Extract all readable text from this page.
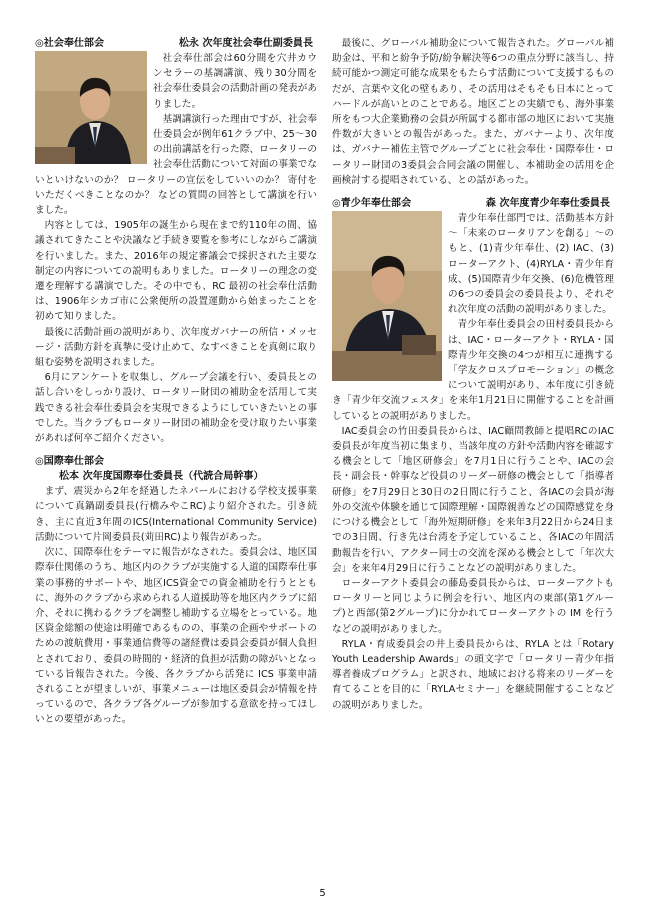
◎社会奉仕部会	松永 次年度社会奉仕副委員長

社会奉仕部会は60分間を穴井カウンセラーの基調講演、残り30分間を社会奉仕委員会の活動計画の発表がありました。

基調講演行った理由ですが、社会奉仕委員会が例年61クラブ中、25～30の出前講話を行った際、ロータリーの社会奉仕活動について対面の事業でないといけないのか？ ロータリーの宣伝をしていいのか？ 寄付をいただくべきことなのか？ などの質問の回答として講演を行いました。

内容としては、1905年の誕生から現在まで約110年の間、協議されてきたことや決議など手続き要覧を参考にしながらご講演を行いました。また、2016年の規定審議会で採択された主要な制定の内容についての説明もありました。ロータリーの理念の変遷を理解する講演でした。その中でも、RC 最初の社会奉仕活動は、1906年シカゴ市に公衆便所の設置運動から始まったことを初めて知りました。

最後に活動計画の説明があり、次年度ガバナーの所信・メッセージ・活動方針を真摯に受け止めて、なすべきことを真剣に取り組む姿勢を説明されました。

6月にアンケートを収集し、グループ会議を行い、委員長との話し合いをしっかり設け、ロータリー財団の補助金を活用して実践できる社会奉仕委員会を実現できるようにしていきたいとの事でした。当クラブもロータリー財団の補助金を受け取りたい事業があれば何卒ご紹介ください。

◎国際奉仕部会
松本 次年度国際奉仕委員長（代読合局幹事）

まず、震災から2年を経過したネパールにおける学校支援事業について真鍋副委員長(行橋みやこRC)より紹介された。引き続き、主に直近3年間のICS(International Community Service)活動について片岡委員長(苅田RC)より報告があった。

次に、国際奉仕をテーマに報告がなされた。委員会は、地区国際奉仕関係のうち、地区内のクラブが実施する人道的国際奉仕事業の事務的サポートや、地区ICS資金での資金補助を行うとともに、海外のクラブから求められる人道援助等を地区内クラブに紹介、それに携わるクラブを調整し補助する立場をとっている。地区資金総額の使途は明確であるものの、事業の企画やサポートのための渡航費用・事業通信費等の諸経費は委員会委員が個人負担とされており、委員の時間的・経済的負担が活動の障がいとなっている旨報告された。今後、各クラブから活発に ICS 事業申請されることが望ましいが、事業メニューは地区委員会が情報を持っているので、各クラブ各グループが参加する意欲を持ってほしいとの要望があった。

最後に、グローバル補助金について報告された。グローバル補助金は、平和と紛争予防/紛争解決等6つの重点分野に該当し、持続可能かつ測定可能な成果をもたらす活動について支援するものだが、言葉や文化の壁もあり、その活用はそもそも日本にとってハードルが高いとのことである。地区ごとの実績でも、海外事業所をもつ大企業勤務の会員が所属する都市部の地区において実施件数が大きいとの報告があった。また、ガバナーより、次年度は、ガバナー補佐主管でグループごとに社会奉仕・国際奉仕・ロータリー財団の3委員会合同会議の開催し、本補助金の活用を企画検討する提唱されている、との話があった。

◎青少年奉仕部会	森 次年度青少年奉仕委員長

青少年奉仕部門では、活動基本方針～「未来のロータリアンを創る」～のもと、(1)青少年奉仕、(2) IAC、(3)ローターアクト、(4)RYLA・青少年育成、(5)国際青少年交換、(6)危機管理の6つの委員会の委員長より、それぞれ次年度の活動の説明がありました。

青少年奉仕委員会の田村委員長からは、IAC・ローターアクト・RYLA・国際青少年交換の4つが相互に連携する「学友クロスプロモーション」の概念について説明があり、本年度に引き続き「青少年交流フェスタ」を来年1月21日に開催することを計画しているとの説明がありました。

IAC委員会の竹田委員長からは、IAC顧問教師と提唱RCのIAC委員長が年度当初に集まり、当該年度の方針や活動内容を確認する機会として「地区研修会」を7月1日に行うことや、IACの会長・副会長・幹事など役員のリーダー研修の機会として「指導者研修」を7月29日と30日の2日間に行うこと、各IACの会員が海外の交流や体験を通じて国際理解・国際親善などの国際感覚を身につける機会として「海外短期研修」を来年3月22日から24日までの3日間、行き先は台湾を予定していること、各IACの年間活動報告を行い、アクター同士の交流を深める機会として「年次大会」を来年4月29日に行うことなどの説明がありました。

ローターアクト委員会の藤島委員長からは、ローターアクトもロータリーと同じように例会を行い、地区内の東部(第1グループ)と西部(第2グループ)に分かれてローターアクトの IM を行うなどの説明がありました。

RYLA・育成委員会の井上委員長からは、RYLA とは「Rotary Youth Leadership Awards」の頭文字で「ロータリー青少年指導者養成プログラム」と訳され、地域における将来のリーダーを育てることを目的に「RYLAセミナー」を継続開催することなどの説明がありました。

5
